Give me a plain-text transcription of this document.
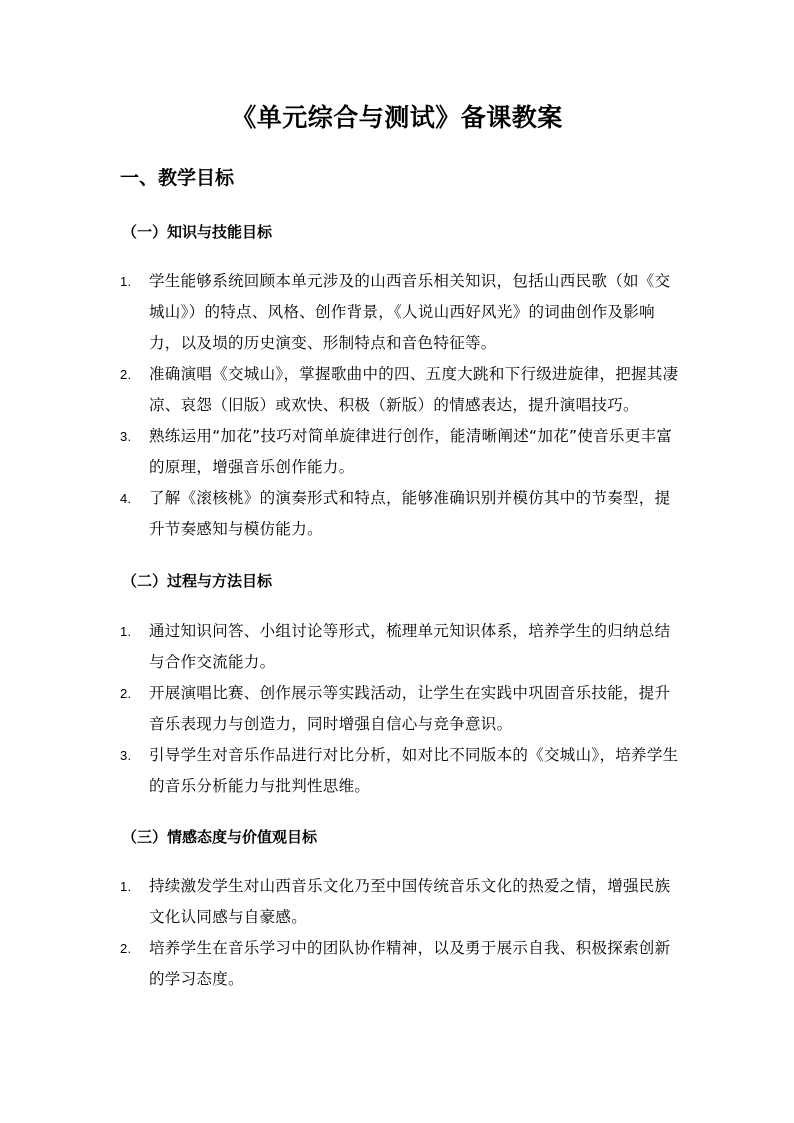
《单元综合与测试》备课教案
一、教学目标
（一）知识与技能目标
1. 学生能够系统回顾本单元涉及的山西音乐相关知识，包括山西民歌（如《交城山》）的特点、风格、创作背景，《人说山西好风光》的词曲创作及影响力，以及埙的历史演变、形制特点和音色特征等。
2. 准确演唱《交城山》，掌握歌曲中的四、五度大跳和下行级进旋律，把握其凄凉、哀怨（旧版）或欢快、积极（新版）的情感表达，提升演唱技巧。
3. 熟练运用“加花”技巧对简单旋律进行创作，能清晰阐述“加花”使音乐更丰富的原理，增强音乐创作能力。
4. 了解《滚核桃》的演奏形式和特点，能够准确识别并模仿其中的节奏型，提升节奏感知与模仿能力。
（二）过程与方法目标
1. 通过知识问答、小组讨论等形式，梳理单元知识体系，培养学生的归纳总结与合作交流能力。
2. 开展演唱比赛、创作展示等实践活动，让学生在实践中巩固音乐技能，提升音乐表现力与创造力，同时增强自信心与竞争意识。
3. 引导学生对音乐作品进行对比分析，如对比不同版本的《交城山》，培养学生的音乐分析能力与批判性思维。
（三）情感态度与价值观目标
1. 持续激发学生对山西音乐文化乃至中国传统音乐文化的热爱之情，增强民族文化认同感与自豪感。
2. 培养学生在音乐学习中的团队协作精神，以及勇于展示自我、积极探索创新的学习态度。
